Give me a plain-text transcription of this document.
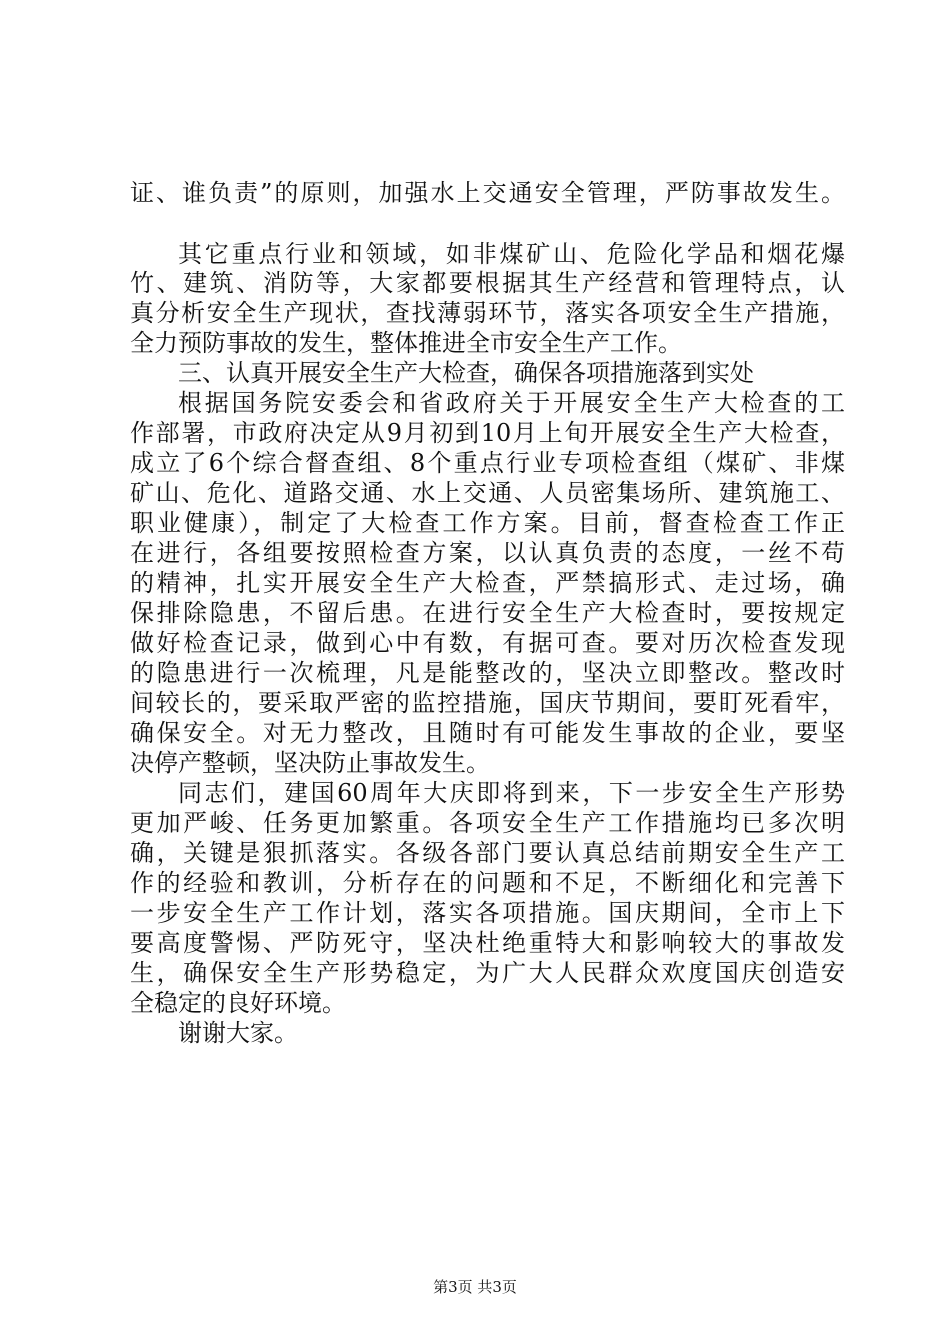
证、谁负责”的原则，加强水上交通安全管理，严防事故发生。
其它重点行业和领域，如非煤矿山、危险化学品和烟花爆
竹、建筑、消防等，大家都要根据其生产经营和管理特点，认
真分析安全生产现状，查找薄弱环节，落实各项安全生产措施，
全力预防事故的发生，整体推进全市安全生产工作。
三、认真开展安全生产大检查，确保各项措施落到实处
根据国务院安委会和省政府关于开展安全生产大检查的工
作部署，市政府决定从9月初到10月上旬开展安全生产大检查，
成立了6个综合督查组、8个重点行业专项检查组（煤矿、非煤
矿山、危化、道路交通、水上交通、人员密集场所、建筑施工、
职业健康），制定了大检查工作方案。目前，督查检查工作正
在进行，各组要按照检查方案，以认真负责的态度，一丝不苟
的精神，扎实开展安全生产大检查，严禁搞形式、走过场，确
保排除隐患，不留后患。在进行安全生产大检查时，要按规定
做好检查记录，做到心中有数，有据可查。要对历次检查发现
的隐患进行一次梳理，凡是能整改的，坚决立即整改。整改时
间较长的，要采取严密的监控措施，国庆节期间，要盯死看牢，
确保安全。对无力整改，且随时有可能发生事故的企业，要坚
决停产整顿，坚决防止事故发生。
同志们，建国60周年大庆即将到来，下一步安全生产形势
更加严峻、任务更加繁重。各项安全生产工作措施均已多次明
确，关键是狠抓落实。各级各部门要认真总结前期安全生产工
作的经验和教训，分析存在的问题和不足，不断细化和完善下
一步安全生产工作计划，落实各项措施。国庆期间，全市上下
要高度警惕、严防死守，坚决杜绝重特大和影响较大的事故发
生，确保安全生产形势稳定，为广大人民群众欢度国庆创造安
全稳定的良好环境。
谢谢大家。
第3页 共3页
